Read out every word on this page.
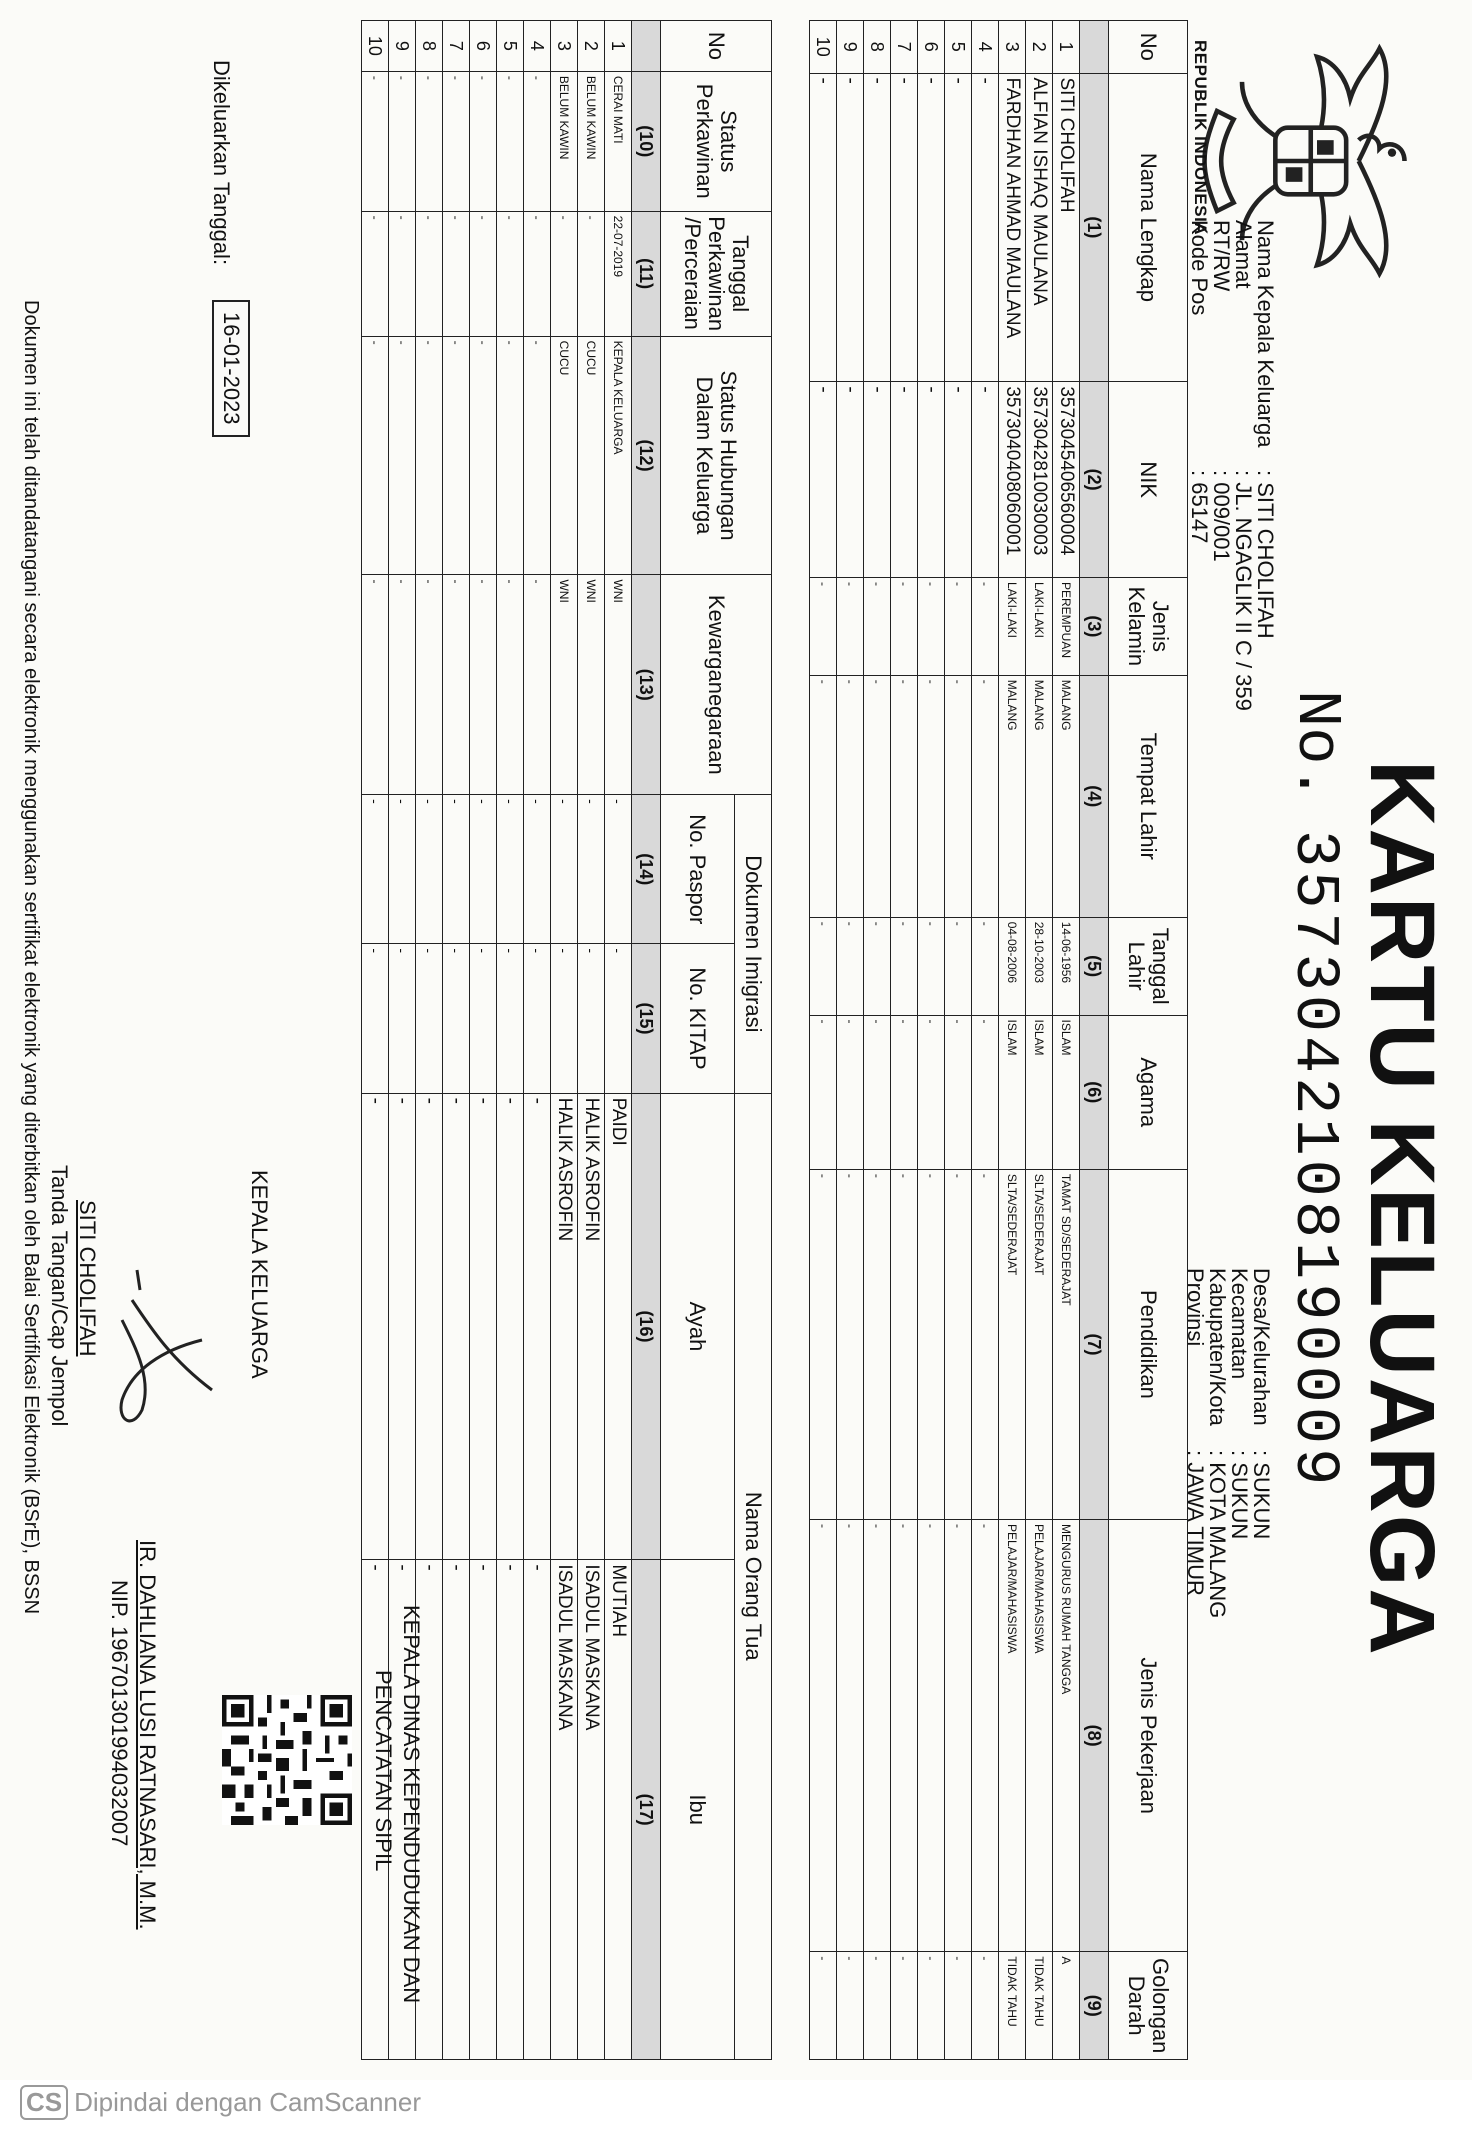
REPUBLIK INDONESIA
KARTU KELUARGA
No.
3573042108190009
Nama Kepala Keluarga
Alamat
RT/RW
Kode Pos
: SITI CHOLIFAH
: JL. NGAGLIK II C / 359
: 009/001
: 65147
Desa/Kelurahan
Kecamatan
Kabupaten/Kota
Provinsi
: SUKUN
: SUKUN
: KOTA MALANG
: JAWA TIMUR
No	Nama Lengkap	NIK	Jenis Kelamin	Tempat Lahir	Tanggal Lahir	Agama	Pendidikan	Jenis Pekerjaan	Golongan Darah
	(1)	(2)	(3)	(4)	(5)	(6)	(7)	(8)	(9)
1	SITI CHOLIFAH	3573045406560004	PEREMPUAN	MALANG	14-06-1956	ISLAM	TAMAT SD/SEDERAJAT	MENGURUS RUMAH TANGGA	A
2	ALFIAN ISHAQ MAULANA	3573042810030003	LAKI-LAKI	MALANG	28-10-2003	ISLAM	SLTA/SEDERAJAT	PELAJAR/MAHASISWA	TIDAK TAHU
3	FARDHAN AHMAD MAULANA	3573040408060001	LAKI-LAKI	MALANG	04-08-2006	ISLAM	SLTA/SEDERAJAT	PELAJAR/MAHASISWA	TIDAK TAHU
4	-	-	-	-	-	-	-	-	-
5	-	-	-	-	-	-	-	-	-
6	-	-	-	-	-	-	-	-	-
7	-	-	-	-	-	-	-	-	-
8	-	-	-	-	-	-	-	-	-
9	-	-	-	-	-	-	-	-	-
10	-	-	-	-	-	-	-	-	-
No	Status Perkawinan	Tanggal Perkawinan /Perceraian	Status Hubungan Dalam Keluarga	Kewarganegaraan	Dokumen Imigrasi		Nama Orang Tua	
					No. Paspor	No. KITAP	Ayah	Ibu
	(10)	(11)	(12)	(13)	(14)	(15)	(16)	(17)
1	CERAI MATI	22-07-2019	KEPALA KELUARGA	WNI	-	-	PAIDI	MUTIAH
2	BELUM KAWIN	-	CUCU	WNI	-	-	HALIK ASROFIN	ISADUL MASKANA
3	BELUM KAWIN	-	CUCU	WNI	-	-	HALIK ASROFIN	ISADUL MASKANA
4	-	-	-	-	-	-	-	-
5	-	-	-	-	-	-	-	-
6	-	-	-	-	-	-	-	-
7	-	-	-	-	-	-	-	-
8	-	-	-	-	-	-	-	-
9	-	-	-	-	-	-	-	-
10	-	-	-	-	-	-	-	-
Dikeluarkan Tanggal:
16-01-2023
KEPALA KELUARGA
SITI CHOLIFAH
Tanda Tangan/Cap Jempol
KEPALA DINAS KEPENDUDUKAN DAN
PENCATATAN SIPIL
IR. DAHLIANA LUSI RATNASARI, M.M.
NIP. 196701301994032007
Dokumen ini telah ditandatangani secara elektronik menggunakan sertifikat elektronik yang diterbitkan oleh Balai Sertifikasi Elektronik (BSrE), BSSN
CS Dipindai dengan CamScanner
